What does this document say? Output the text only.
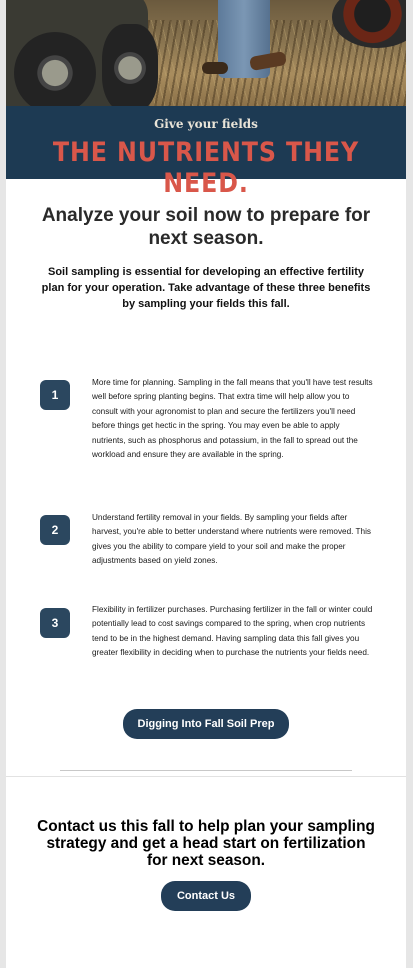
Give your fields
THE NUTRIENTS THEY NEED.
Analyze your soil now to prepare for next season.

Soil sampling is essential for developing an effective fertility plan for your operation. Take advantage of these three benefits by sampling your fields this fall.

1

More time for planning. Sampling in the fall means that you'll have test results well before spring planting begins. That extra time will help allow you to consult with your agronomist to plan and secure the fertilizers you'll need before things get hectic in the spring. You may even be able to apply nutrients, such as phosphorus and potassium, in the fall to spread out the workload and ensure they are available in the spring.

2

Understand fertility removal in your fields. By sampling your fields after harvest, you're able to better understand where nutrients were removed. This gives you the ability to compare yield to your soil and make the proper adjustments based on yield zones.

3

Flexibility in fertilizer purchases. Purchasing fertilizer in the fall or winter could potentially lead to cost savings compared to the spring, when crop nutrients tend to be in the highest demand. Having sampling data this fall gives you greater flexibility in deciding when to purchase the nutrients your fields need.

Digging Into Fall Soil Prep

Contact us this fall to help plan your sampling strategy and get a head start on fertilization for next season.

Contact Us
